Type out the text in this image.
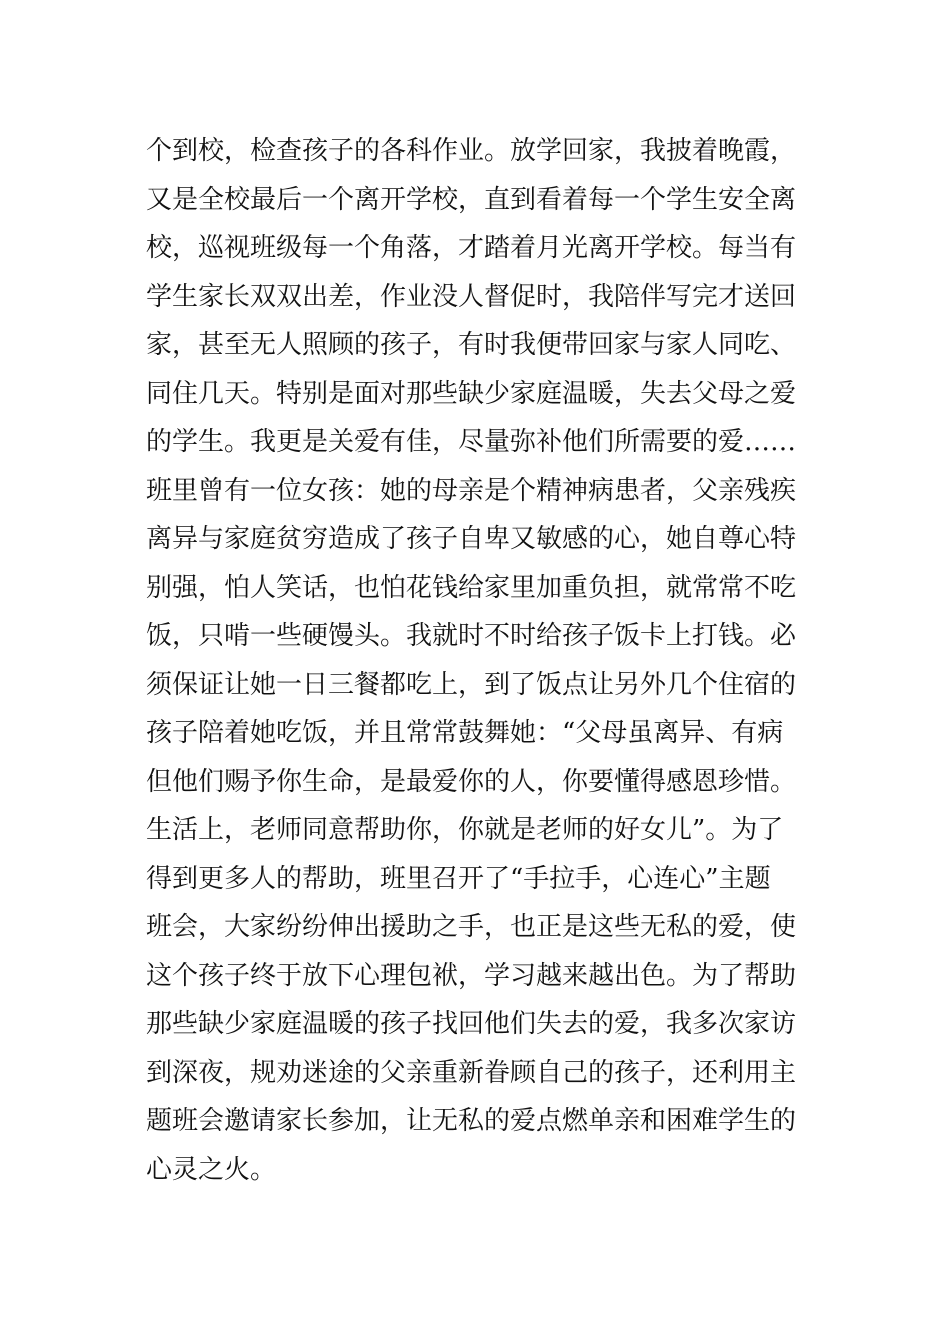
个到校，检查孩子的各科作业。放学回家，我披着晚霞，
又是全校最后一个离开学校，直到看着每一个学生安全离
校，巡视班级每一个角落，才踏着月光离开学校。每当有
学生家长双双出差，作业没人督促时，我陪伴写完才送回
家，甚至无人照顾的孩子，有时我便带回家与家人同吃、
同住几天。特别是面对那些缺少家庭温暖，失去父母之爱
的学生。我更是关爱有佳，尽量弥补他们所需要的爱……
班里曾有一位女孩：她的母亲是个精神病患者，父亲残疾
离异与家庭贫穷造成了孩子自卑又敏感的心，她自尊心特
别强，怕人笑话，也怕花钱给家里加重负担，就常常不吃
饭，只啃一些硬馒头。我就时不时给孩子饭卡上打钱。必
须保证让她一日三餐都吃上，到了饭点让另外几个住宿的
孩子陪着她吃饭，并且常常鼓舞她：“父母虽离异、有病
但他们赐予你生命，是最爱你的人，你要懂得感恩珍惜。
生活上，老师同意帮助你，你就是老师的好女儿”。为了
得到更多人的帮助，班里召开了“手拉手，心连心”主题
班会，大家纷纷伸出援助之手，也正是这些无私的爱，使
这个孩子终于放下心理包袱，学习越来越出色。为了帮助
那些缺少家庭温暖的孩子找回他们失去的爱，我多次家访
到深夜，规劝迷途的父亲重新眷顾自己的孩子，还利用主
题班会邀请家长参加，让无私的爱点燃单亲和困难学生的
心灵之火。
